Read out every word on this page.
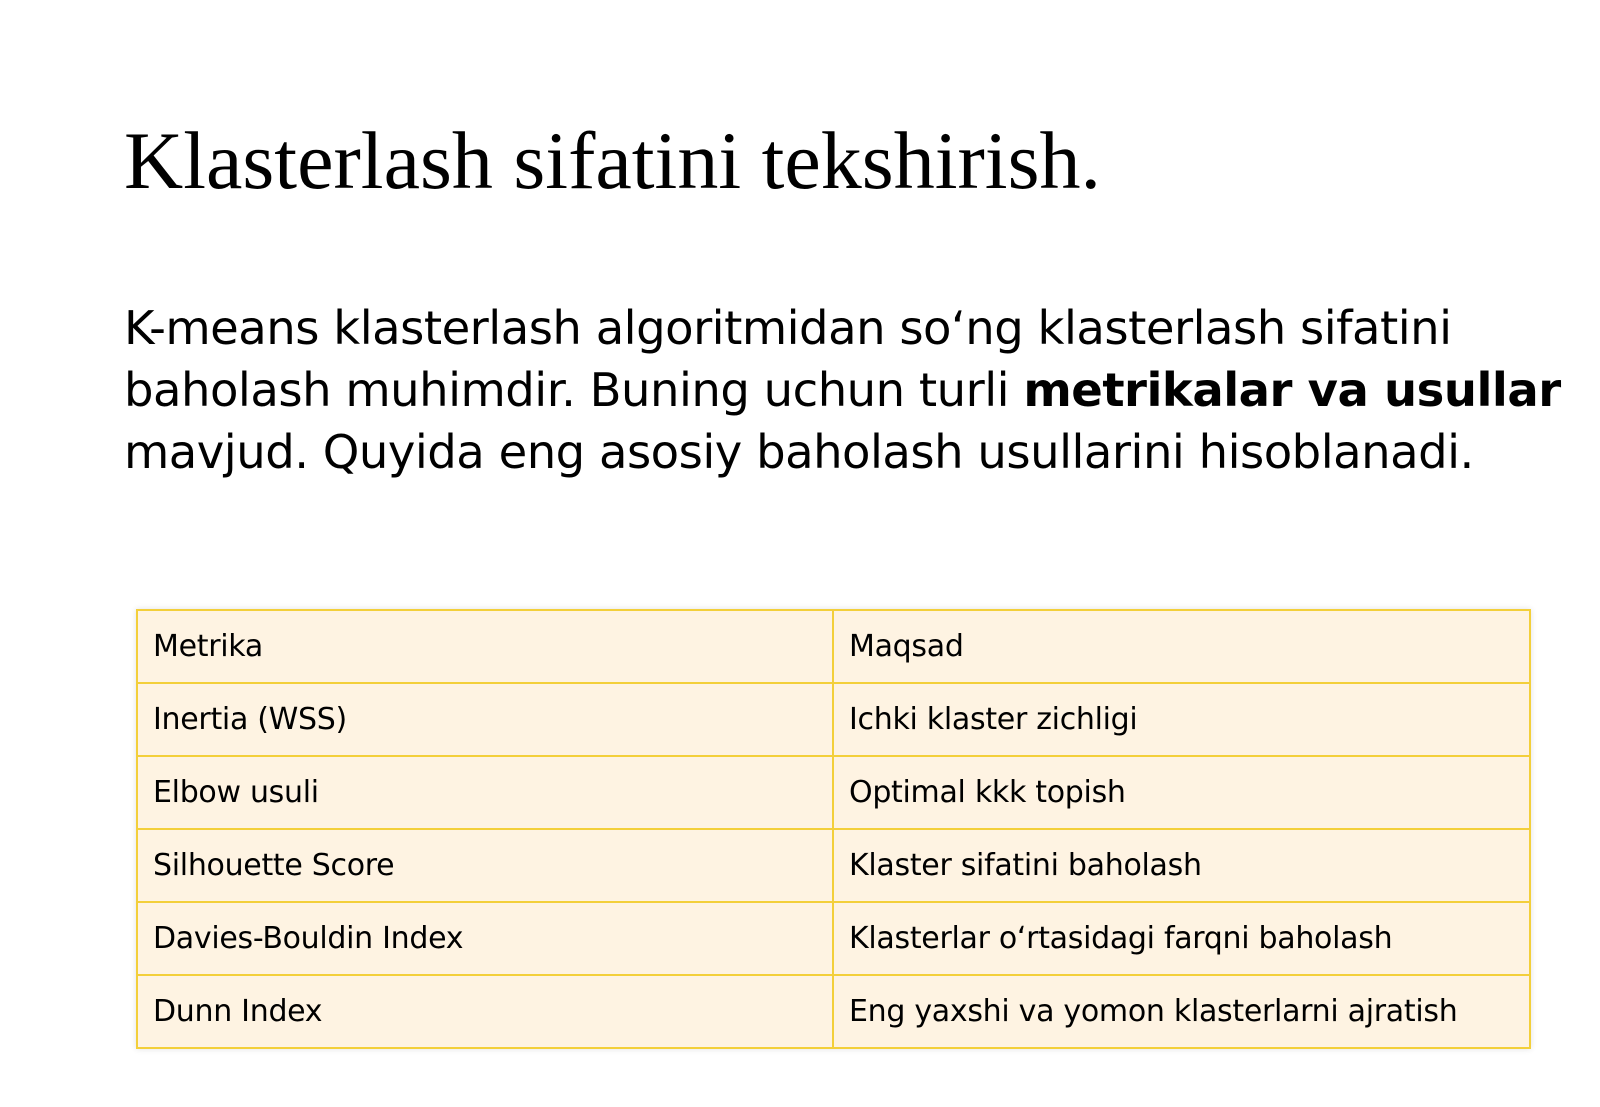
Klasterlash sifatini tekshirish.

K-means klasterlash algoritmidan so‘ng klasterlash sifatini baholash muhimdir. Buning uchun turli metrikalar va usullar mavjud. Quyida eng asosiy baholash usullarini hisoblanadi.

Metrika	Maqsad
Inertia (WSS)	Ichki klaster zichligi
Elbow usuli	Optimal kkk topish
Silhouette Score	Klaster sifatini baholash
Davies-Bouldin Index	Klasterlar o‘rtasidagi farqni baholash
Dunn Index	Eng yaxshi va yomon klasterlarni ajratish
